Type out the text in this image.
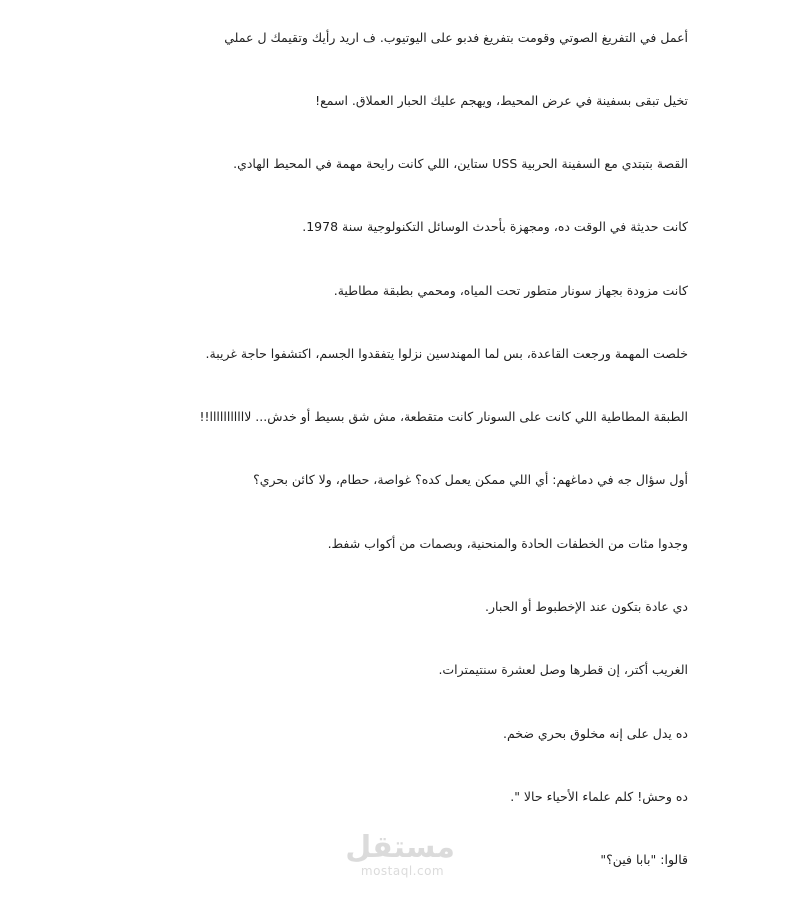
أعمل في التفريغ الصوتي وقومت بتفريغ فدبو على اليوتيوب. ف اريد رأيك وتقيمك ل عملي
تخيل تبقى بسفينة في عرض المحيط، ويهجم عليك الحبار العملاق. اسمع!
القصة بتبتدي مع السفينة الحربية USS ستاين، اللي كانت رايحة مهمة في المحيط الهادي.
كانت حديثة في الوقت ده، ومجهزة بأحدث الوسائل التكنولوجية سنة 1978.
كانت مزودة بجهاز سونار متطور تحت المياه، ومحمي بطبقة مطاطية.
خلصت المهمة ورجعت القاعدة، بس لما المهندسين نزلوا يتفقدوا الجسم، اكتشفوا حاجة غريبة.
الطبقة المطاطية اللي كانت على السونار كانت متقطعة، مش شق بسيط أو خدش... لااااااااااا!!
أول سؤال جه في دماغهم: أي اللي ممكن يعمل كده؟ غواصة، حطام، ولا كائن بحري؟
وجدوا مئات من الخطفات الحادة والمنحنية، وبصمات من أكواب شفط.
دي عادة بتكون عند الإخطبوط أو الحبار.
الغريب أكتر، إن قطرها وصل لعشرة سنتيمترات.
ده يدل على إنه مخلوق بحري ضخم.
ده وحش! كلم علماء الأحياء حالا ".
قالوا: "بابا فين؟"
مستقل
mostaql.com
